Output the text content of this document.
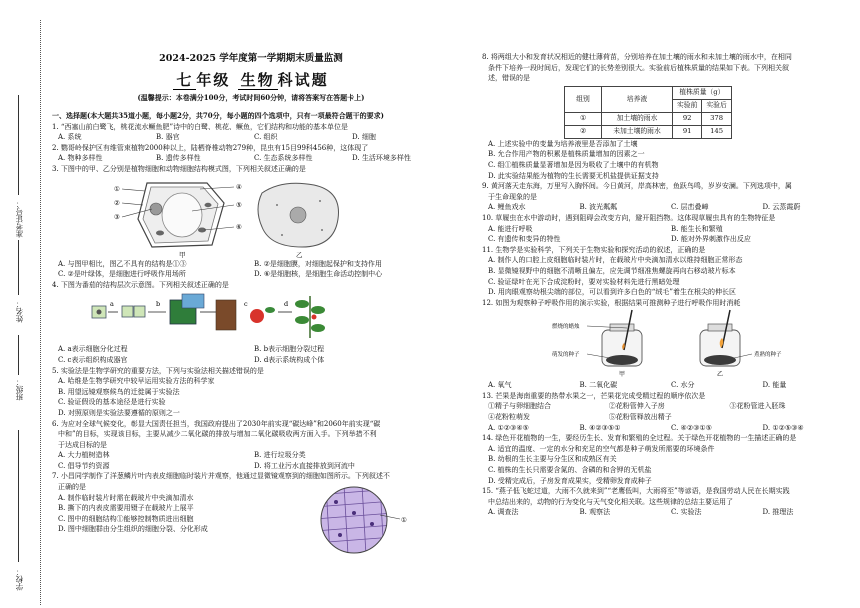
准考证号：
姓名：
班级：
学校：
2024-2025 学年度第一学期期末质量监测
七 年级 生物 科试题
(温馨提示：本卷满分100分，考试时间60分钟，请将答案写在答题卡上)
一、选择题(本大题共35道小题，每小题2分，共70分，每小题的四个选项中，只有一项最符合题干的要求)
1. “西塞山前白鹭飞，桃花流水鳜鱼肥”诗中的白鹭、桃花、鳜鱼，它们结构和功能的基本单位是
A. 系统	B. 器官	C. 组织	D. 细胞
2. 鹦哥岭保护区有维管束植物2000种以上，陆栖脊椎动物279种，昆虫有15目99科456种，这体现了
A. 物种多样性	B. 遗传多样性	C. 生态系统多样性	D. 生活环境多样性
3. 下图中的甲、乙分别是植物细胞和动物细胞结构模式图，下列相关叙述正确的是
①
②
③
④
⑤
⑥
甲	乙
A. 与图甲相比，图乙不具有的结构是①③	B. ②是细胞膜，对细胞起保护和支持作用
C. ②是叶绿体，是细胞进行呼吸作用场所	D. ⑥是细胞核，是细胞生命活动控制中心
4. 下图为番茄的结构层次示意图。下列相关叙述正确的是
a	b	c	d
A. a表示细胞分化过程	B. b表示细胞分裂过程
C. c表示组织构成器官	D. d表示系统构成个体
5. 实验法是生物学研究的重要方法，下列与实验法相关描述错误的是
A. 哈维是生物学研究中较早运用实验方法的科学家
B. 用望远镜观察候鸟的迁徙属于实验法
C. 验证假设的基本途径是进行实验
D. 对照原则是实验法要遵循的原则之一
6. 为应对全球气候变化，彰显大国责任担当，我国政府提出了2030年前实现“碳达峰”和2060年前实现“碳
中和”的目标，实现该目标，主要从减少二氧化碳的排放与增加二氧化碳吸收两方面入手。下列举措不利
于达成目标的是
A. 大力植树造林	B. 进行垃圾分类
C. 倡导节约资源	D. 将工业污水直接排放到河流中
7. 小昌同学制作了洋葱鳞片叶内表皮细胞临时装片并观察，他通过显微镜观察到的细胞如图所示。下列叙述不
正确的是
A. 制作临时装片时需在载玻片中央滴加清水
B. 撕下的内表皮需要用镊子在载玻片上展平
C. 图中的细胞结构①能够控制物质进出细胞
D. 图中细胞群由分生组织的细胞分裂、分化形成
①
8. 将两组大小和发育状况相近的健壮薄荷苗，分别培养在加土壤的雨水和未加土壤的雨水中，在相同
条件下培养一段时间后，发现它们的长势差别很大。实验前后植株质量的结果如下表。下列相关叙
述，错误的是
组别	培养液	植株质量（g）	
		实验前	实验后
①	加土壤的雨水	92	378
②	未加土壤的雨水	91	145
A. 上述实验中的变量为培养液里是否添加了土壤
B. 允合作用产物的积累是植株质量增加的因素之一
C. 组①植株质量显著增加是因为吸收了土壤中的有机物
D. 此实验结果能为植物的生长需要无机盐提供证据支持
9. 黄河落天走东海，万里写入胸怀间。今日黄河，岸高林密，鱼跃鸟鸣，岁岁安澜。下列选项中，属
于生命现象的是
A. 鲤鱼戏水	B. 波光粼粼	C. 层峦叠嶂	D. 云蒸霞蔚
10. 草履虫在水中游动时，遇到阻碍会改变方向，避开阻挡物。这体现草履虫具有的生物特征是
A. 能进行呼吸	B. 能生长和繁殖
C. 有遗传和变异的特性	D. 能对外界刺激作出反应
11. 生物学是实验科学，下列关于生物实验和探究活动的叙述，正确的是
A. 制作人的口腔上皮细胞临时装片时，在载玻片中央滴加清水以维持细胞正常形态
B. 显微镜视野中的细胞不清晰且偏左，应先调节细准焦螺旋再向右移动玻片标本
C. 验证绿叶在光下合成淀粉时，要对实验材料先进行黑暗处理
D. 用肉眼观察幼根尖端的部位，可以看到许多白色的“绒毛”着生在根尖的伸长区
12. 如图为观察种子呼吸作用的演示实验，根据结果可推测种子进行呼吸作用时消耗
燃烧的蜡烛
萌发的种子	煮熟的种子
甲	乙
A. 氧气	B. 二氧化碳	C. 水分	D. 能量
13. 芒果是海南重要的热带水果之一，芒果花完成受精过程的顺序依次是
①精子与卵细胞结合	②花粉管伸入子房	③花粉管进入胚珠
④花粉粒萌发	⑤花粉管释放出精子
A. ①②③④⑤	B. ④②③⑤①	C. ④②③①⑤	D. ①②⑤③④
14. 绿色开花植物的一生，要经历生长、发育和繁殖的全过程。关于绿色开花植物的一生描述正确的是
A. 适宜的温度、一定的水分和充足的空气都是种子萌发所需要的环境条件
B. 幼根的生长主要与分生区和成熟区有关
C. 植株的生长只需要含氮的、含磷的和含钾的无机盐
D. 受精完成后，子房发育成果实，受精卵发育成种子
15. “燕子低飞蛇过道，大雨不久就来到”“老鹰低叫，大雨将至”等谚语，是我国劳动人民在长期实践
中总结出来的，动物的行为变化与天气变化相关联。这些规律的总结主要运用了
A. 调查法	B. 观察法	C. 实验法	D. 推理法
